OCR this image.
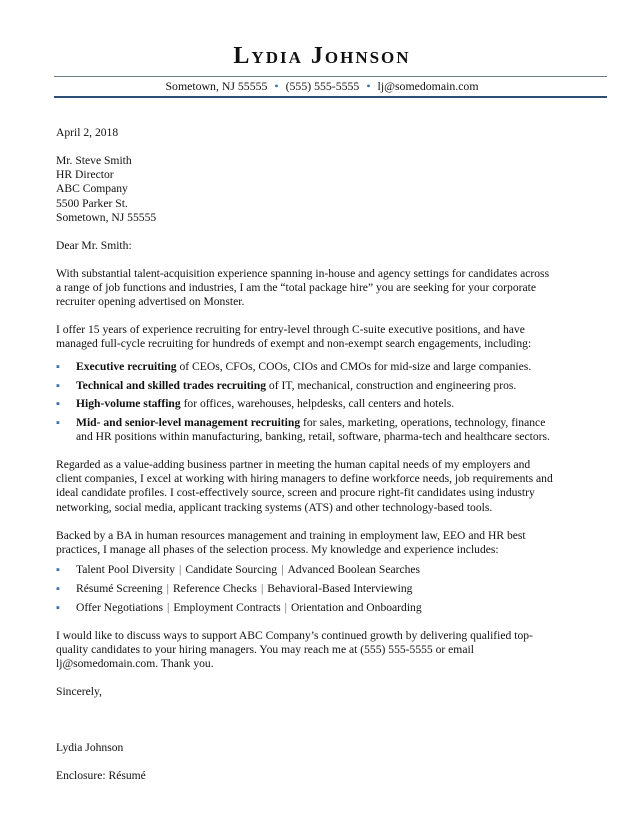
Lydia Johnson
Sometown, NJ 55555 • (555) 555-5555 • lj@somedomain.com
April 2, 2018
Mr. Steve Smith
HR Director
ABC Company
5500 Parker St.
Sometown, NJ 55555
Dear Mr. Smith:
With substantial talent-acquisition experience spanning in-house and agency settings for candidates across
a range of job functions and industries, I am the “total package hire” you are seeking for your corporate
recruiter opening advertised on Monster.
I offer 15 years of experience recruiting for entry-level through C-suite executive positions, and have
managed full-cycle recruiting for hundreds of exempt and non-exempt search engagements, including:
▪ Executive recruiting of CEOs, CFOs, COOs, CIOs and CMOs for mid-size and large companies.
▪ Technical and skilled trades recruiting of IT, mechanical, construction and engineering pros.
▪ High-volume staffing for offices, warehouses, helpdesks, call centers and hotels.
▪ Mid- and senior-level management recruiting for sales, marketing, operations, technology, finance
and HR positions within manufacturing, banking, retail, software, pharma-tech and healthcare sectors.
Regarded as a value-adding business partner in meeting the human capital needs of my employers and
client companies, I excel at working with hiring managers to define workforce needs, job requirements and
ideal candidate profiles. I cost-effectively source, screen and procure right-fit candidates using industry
networking, social media, applicant tracking systems (ATS) and other technology-based tools.
Backed by a BA in human resources management and training in employment law, EEO and HR best
practices, I manage all phases of the selection process. My knowledge and experience includes:
▪ Talent Pool Diversity | Candidate Sourcing | Advanced Boolean Searches
▪ Résumé Screening | Reference Checks | Behavioral-Based Interviewing
▪ Offer Negotiations | Employment Contracts | Orientation and Onboarding
I would like to discuss ways to support ABC Company’s continued growth by delivering qualified top-
quality candidates to your hiring managers. You may reach me at (555) 555-5555 or email
lj@somedomain.com. Thank you.
Sincerely,
Lydia Johnson
Enclosure: Résumé
